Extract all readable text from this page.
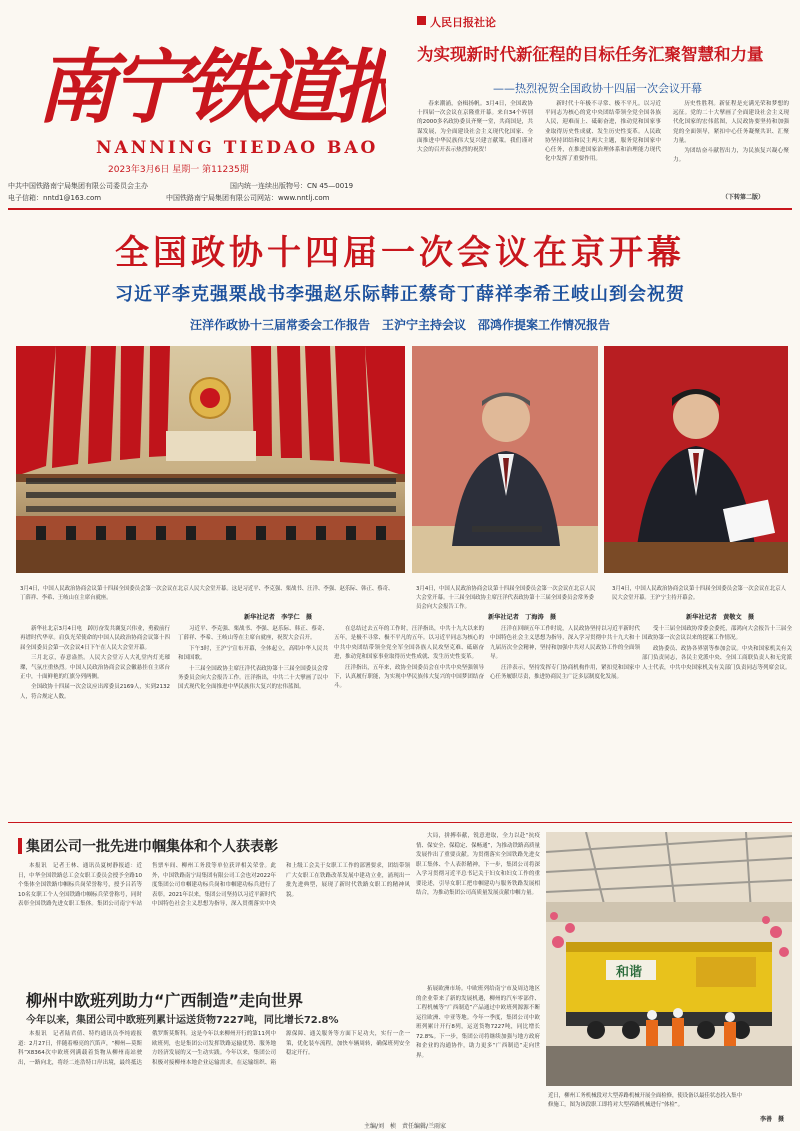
南宁铁道报
NANNING TIEDAO BAO
2023年3月6日 星期一 第11235期
中共中国铁路南宁局集团有限公司委员会主办	国内统一连续出版物号：CN 45—0019
电子信箱：nntd1@163.com	中国铁路南宁局集团有限公司网站：www.nntlj.com
人民日报社论
为实现新时代新征程的目标任务汇聚智慧和力量
——热烈祝贺全国政协十四届一次会议开幕

春来潮涌，奋楫扬帆。3月4日，全国政协十四届一次会议在京隆重开幕。来自34个界别的2000多名政协委员齐聚一堂，共商国是，共谋发展，为全面建设社会主义现代化国家、全面推进中华民族伟大复兴建言献策。我们谨对大会的召开表示热烈的祝贺！

新时代十年极不寻常、极不平凡。以习近平同志为核心的党中央团结带领全党全国各族人民，迎难而上、砥砺奋进，推动党和国家事业取得历史性成就、发生历史性变革。人民政协坚持团结和民主两大主题，服务党和国家中心任务，在推进国家治理体系和治理能力现代化中发挥了重要作用。

历史性胜利。新征程是充满光荣和梦想的远征。党的二十大擘画了全面建设社会主义现代化国家的宏伟蓝图，人民政协要坚持和加强党的全面领导，紧扣中心任务凝聚共识、汇聚力量。

为团结奋斗献智出力，为民族复兴凝心聚力。

（下转第二版）
全国政协十四届一次会议在京开幕
习近平李克强栗战书李强赵乐际韩正蔡奇丁薛祥李希王岐山到会祝贺
汪洋作政协十三届常委会工作报告　王沪宁主持会议　邵鸿作提案工作情况报告
3月4日，中国人民政治协商会议第十四届全国委员会第一次会议在北京人民大会堂开幕。这是习近平、李克强、栗战书、汪洋、李强、赵乐际、韩正、蔡奇、丁薛祥、李希、王岐山在主席台就座。
新华社记者　李学仁　摄
3月4日，中国人民政治协商会议第十四届全国委员会第一次会议在北京人民大会堂开幕。十三届全国政协主席汪洋代表政协第十三届全国委员会常务委员会向大会报告工作。
新华社记者　丁海涛　摄
3月4日，中国人民政治协商会议第十四届全国委员会第一次会议在北京人民大会堂开幕。王沪宁主持开幕会。
新华社记者　黄敬文　摄

新华社北京3月4日电　踔厉奋发共襄复兴伟业，勇毅前行再谱时代华章。肩负光荣使命的中国人民政治协商会议第十四届全国委员会第一次会议4日下午在人民大会堂开幕。

三月北京，春意盎然。人民大会堂万人大礼堂内灯光璀璨，气氛庄重热烈。中国人民政治协商会议会徽悬挂在主席台正中，十面鲜艳的红旗分列两侧。

全国政协十四届一次会议应出席委员2169人，实到2132人，符合规定人数。

习近平、李克强、栗战书、李强、赵乐际、韩正、蔡奇、丁薛祥、李希、王岐山等在主席台就座，祝贺大会召开。

下午3时，王沪宁宣布开幕，全体起立，高唱中华人民共和国国歌。

十三届全国政协主席汪洋代表政协第十三届全国委员会常务委员会向大会报告工作。汪洋指出，中共二十大擘画了以中国式现代化全面推进中华民族伟大复兴的宏伟蓝图。

在总结过去五年的工作时，汪洋指出，中共十九大以来的五年，是极不寻常、极不平凡的五年。以习近平同志为核心的中共中央团结带领全党全军全国各族人民攻坚克难、砥砺奋进，推动党和国家事业取得历史性成就、发生历史性变革。

汪洋指出，五年来，政协全国委员会在中共中央坚强领导下，认真履行职能，为实现中华民族伟大复兴的中国梦团结奋斗。

汪洋在回顾五年工作时说，人民政协坚持以习近平新时代中国特色社会主义思想为指导，深入学习贯彻中共十九大和十九届历次全会精神，坚持和加强中共对人民政协工作的全面领导。

汪洋表示，坚持发挥专门协商机构作用，紧扣党和国家中心任务履职尽责，推进协商民主广泛多层制度化发展。

受十三届全国政协常委会委托，邵鸿向大会报告十三届全国政协第一次会议以来的提案工作情况。

政协委员、政协各界别等参加会议。中央和国家机关有关部门负责同志，各民主党派中央、全国工商联负责人和无党派人士代表，中共中央国家机关有关部门负责同志等列席会议。

集团公司一批先进巾帼集体和个人获表彰

本报讯　记者王林、通讯员夏树静报道：近日，中华全国铁路总工会女职工委员会授予全路10个集体全国铁路巾帼标兵岗荣誉称号，授予吕若等10名女职工个人全国铁路巾帼标兵荣誉称号，同时表彰全国铁路先进女职工集体。集团公司南宁车站售票车间、柳州工务段等单位获评相关荣誉。此外，中国铁路南宁局集团有限公司工会也对2022年度集团公司巾帼建功标兵岗和巾帼建功标兵进行了表彰。2021年以来，集团公司坚持以习近平新时代中国特色社会主义思想为指导，深入贯彻落实中央和上级工会关于女职工工作的部署要求，团结带领广大女职工在铁路改革发展中建功立业，涌现出一批先进典型，展现了新时代铁路女职工的精神风貌。

大局，拼搏奉献，锐意进取，全力以赴“抗疫情、保安全、保稳定、保畅通”，为推动铁路高质量发展作出了重要贡献。为贯彻落实全国铁路先进女职工集体、个人表彰精神，下一步，集团公司将深入学习贯彻习近平总书记关于妇女和妇女工作的重要论述，引导女职工把巾帼建功与服务铁路发展相结合，为推动集团公司高质量发展贡献巾帼力量。

柳州中欧班列助力“广西制造”走向世界
今年以来，集团公司中欧班列累计运送货物7227吨，同比增长72.8%

本报讯　记者陆君倩、特约通讯员李纯霞报道：2月27日，伴随着嘹亮的汽笛声，“柳州—莫斯科”X8364次中欧班列满载着货物从柳州南站驶出，一路向北，将经二连浩特口岸出境，最终抵达俄罗斯莫斯科。这是今年以来柳州开行的第11列中欧班列，也是集团公司发挥铁路运输优势、服务地方经济发展的又一生动实践。今年以来，集团公司积极对接柳州本地企业运输需求，在运输组织、箱源保障、通关服务等方面下足功夫，实行一企一策，优化装车流程，加快车辆周转，确保班列安全稳定开行。

拓展欧洲市场。中欧班列给南宁市及周边地区的企业带来了新的发展机遇，柳州的汽车零部件、工程机械等“广西制造”产品通过中欧班列源源不断运往欧洲、中亚等地。今年一季度，集团公司中欧班列累计开行8列，运送货物7227吨，同比增长72.8%。下一步，集团公司将继续加强与地方政府和企业的沟通协作，助力更多“广西制造”走向世界。

主编/刘　桢　责任编辑/兰雨家
和谐
近日，柳州工务机械段对大型养路机械开展全面检修，使设备以最佳状态投入集中修施工，图为该段职工即将对大型养路机械进行“体检”。
李善　摄
